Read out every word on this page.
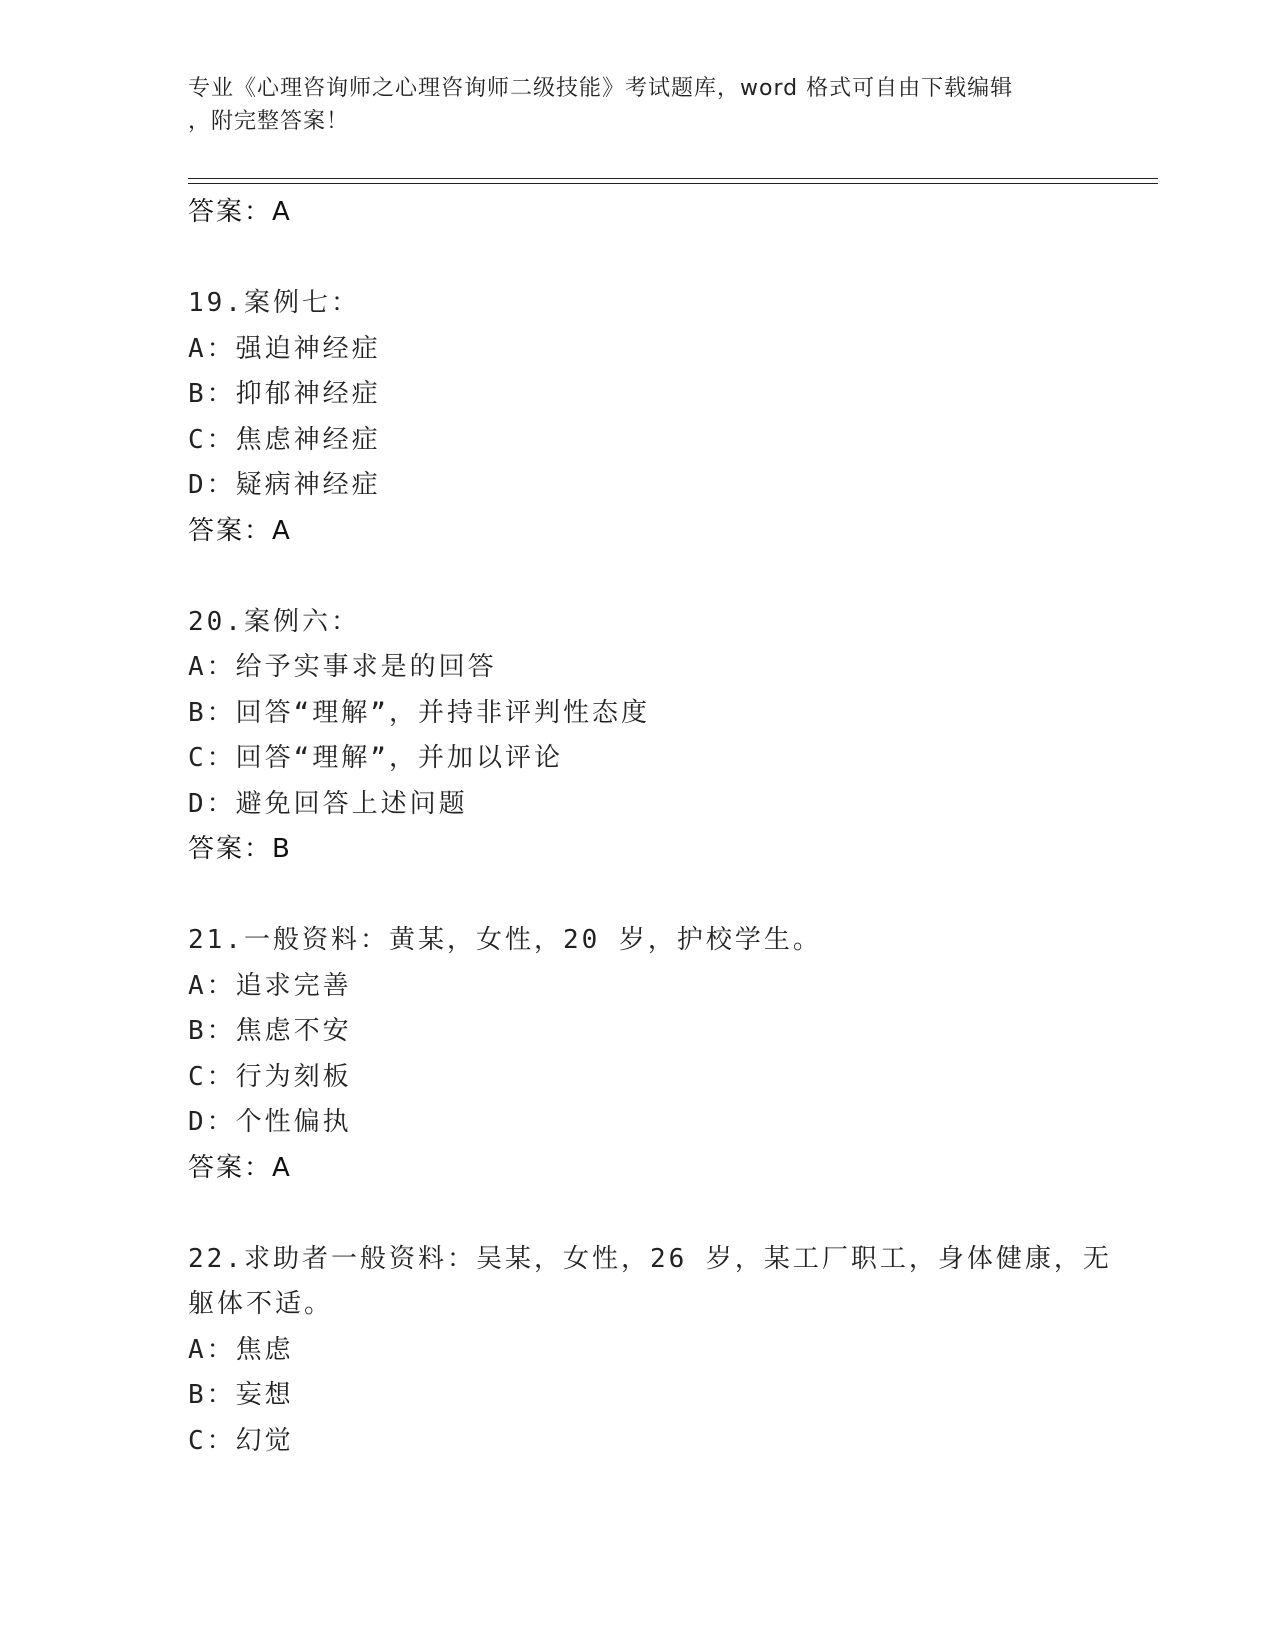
专业《心理咨询师之心理咨询师二级技能》考试题库，word 格式可自由下载编辑
，附完整答案！
答案：A
19.案例七：
A：强迫神经症
B：抑郁神经症
C：焦虑神经症
D：疑病神经症
答案：A
20.案例六：
A：给予实事求是的回答
B：回答“理解”，并持非评判性态度
C：回答“理解”，并加以评论
D：避免回答上述问题
答案：B
21.一般资料：黄某，女性，20 岁，护校学生。
A：追求完善
B：焦虑不安
C：行为刻板
D：个性偏执
答案：A
22.求助者一般资料：吴某，女性，26 岁，某工厂职工，身体健康，无
躯体不适。
A：焦虑
B：妄想
C：幻觉
